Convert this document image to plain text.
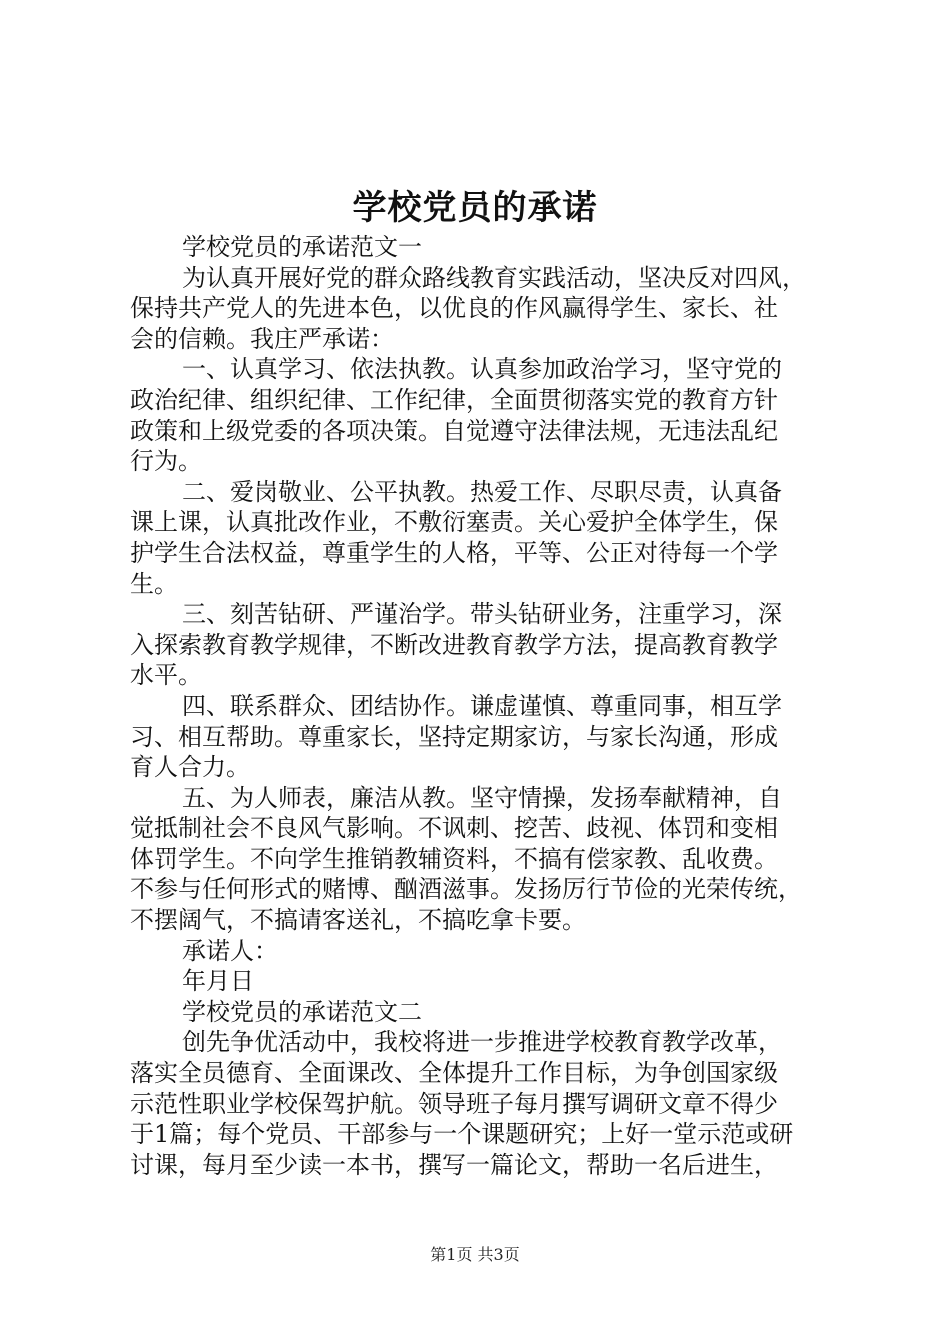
学校党员的承诺
学校党员的承诺范文一
为认真开展好党的群众路线教育实践活动，坚决反对四风，
保持共产党人的先进本色，以优良的作风赢得学生、家长、社
会的信赖。我庄严承诺：
一、认真学习、依法执教。认真参加政治学习，坚守党的
政治纪律、组织纪律、工作纪律，全面贯彻落实党的教育方针
政策和上级党委的各项决策。自觉遵守法律法规，无违法乱纪
行为。
二、爱岗敬业、公平执教。热爱工作、尽职尽责，认真备
课上课，认真批改作业，不敷衍塞责。关心爱护全体学生，保
护学生合法权益，尊重学生的人格，平等、公正对待每一个学
生。
三、刻苦钻研、严谨治学。带头钻研业务，注重学习，深
入探索教育教学规律，不断改进教育教学方法，提高教育教学
水平。
四、联系群众、团结协作。谦虚谨慎、尊重同事，相互学
习、相互帮助。尊重家长，坚持定期家访，与家长沟通，形成
育人合力。
五、为人师表，廉洁从教。坚守情操，发扬奉献精神，自
觉抵制社会不良风气影响。不讽刺、挖苦、歧视、体罚和变相
体罚学生。不向学生推销教辅资料，不搞有偿家教、乱收费。
不参与任何形式的赌博、酗酒滋事。发扬厉行节俭的光荣传统，
不摆阔气，不搞请客送礼，不搞吃拿卡要。
承诺人：
年月日
学校党员的承诺范文二
创先争优活动中，我校将进一步推进学校教育教学改革，
落实全员德育、全面课改、全体提升工作目标，为争创国家级
示范性职业学校保驾护航。领导班子每月撰写调研文章不得少
于1篇；每个党员、干部参与一个课题研究；上好一堂示范或研
讨课，每月至少读一本书，撰写一篇论文，帮助一名后进生，
第1页 共3页
